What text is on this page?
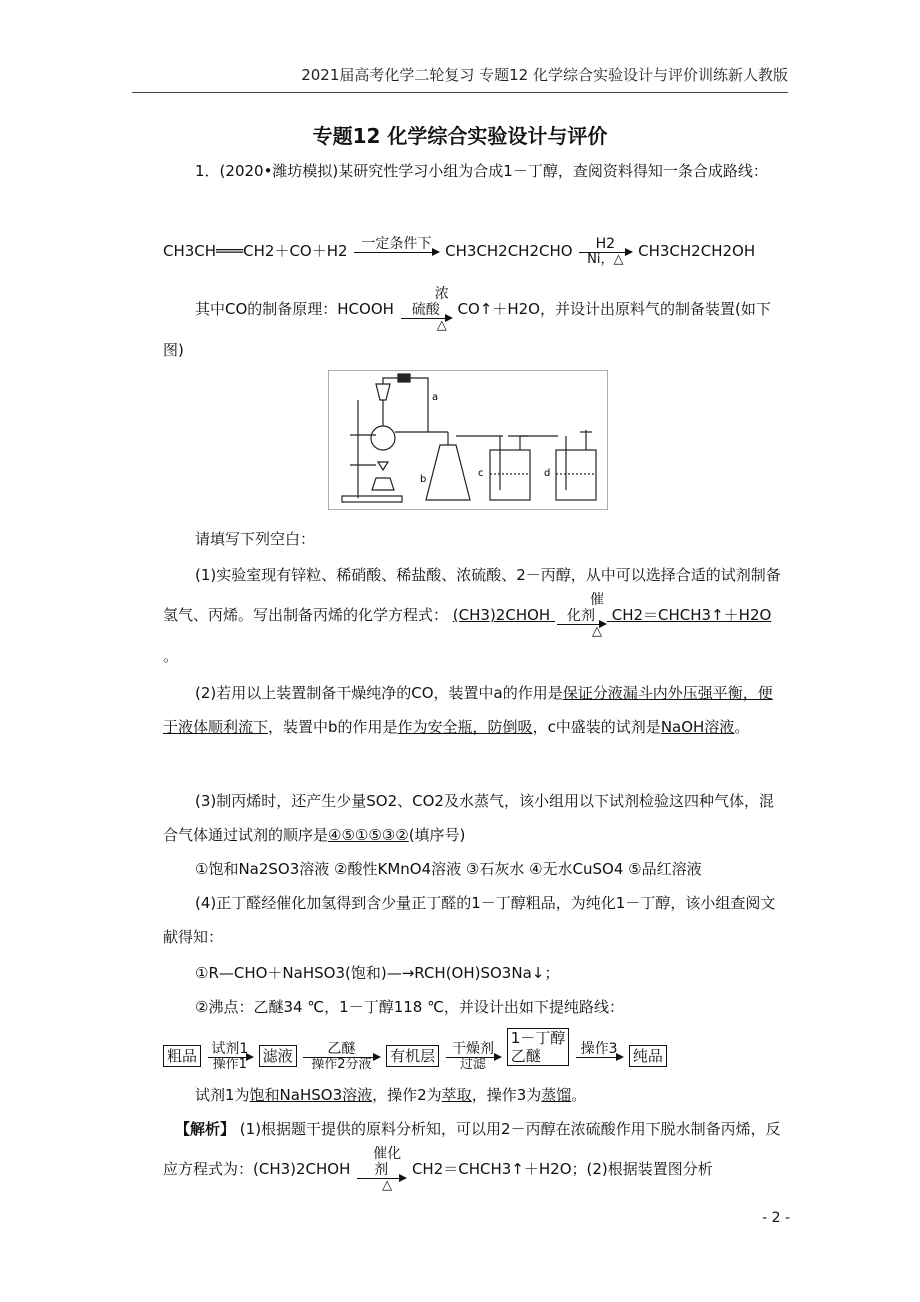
2021届高考化学二轮复习 专题12 化学综合实验设计与评价训练新人教版
专题12 化学综合实验设计与评价
1．(2020•潍坊模拟)某研究性学习小组为合成1－丁醇，查阅资料得知一条合成路线：
CH3CH═══CH2＋CO＋H2 一定条件下
$CH3CH2CH2CHO \frac{H2}{Ni,\triangle} CH3CH2CH2OH$
其中CO的制备原理：HCOOH
浓硫酸
△
CO↑＋H2O，并设计出原料气的制备装置(如下图)
a
b
c	d
请填写下列空白：
(1)实验室现有锌粒、稀硝酸、稀盐酸、浓硫酸、2－丙醇，从中可以选择合适的试剂制备氢气、丙烯。写出制备丙烯的化学方程式： (CH3)2CHOH
催化剂
△
CH2＝CHCH3↑＋H2O 。
(2)若用以上装置制备干燥纯净的CO，装置中a的作用是保证分液漏斗内外压强平衡，便于液体顺利流下，装置中b的作用是作为安全瓶，防倒吸，c中盛装的试剂是NaOH溶液。
(3)制丙烯时，还产生少量SO2、CO2及水蒸气，该小组用以下试剂检验这四种气体，混合气体通过试剂的顺序是④⑤①⑤③②(填序号)
①饱和Na2SO3溶液 ②酸性KMnO4溶液 ③石灰水 ④无水CuSO4 ⑤品红溶液
(4)正丁醛经催化加氢得到含少量正丁醛的1－丁醇粗品，为纯化1－丁醇，该小组查阅文献得知：
①R—CHO＋NaHSO3(饱和)—→RCH(OH)SO3Na↓；
②沸点：乙醚34 ℃，1－丁醇118 ℃，并设计出如下提纯路线：
粗品 试剂1
操作1	滤液	乙醚
操作2分液	有机层	干燥剂
过滤

1－丁醇
乙醚
	操作3
	纯品
试剂1为饱和NaHSO3溶液，操作2为萃取，操作3为蒸馏。
【解析】 (1)根据题干提供的原料分析知，可以用2－丙醇在浓硫酸作用下脱水制备丙烯，反应方程式为：(CH3)2CHOH
催化剂
△
CH2＝CHCH3↑＋H2O；(2)根据装置图分析
- 2 -
